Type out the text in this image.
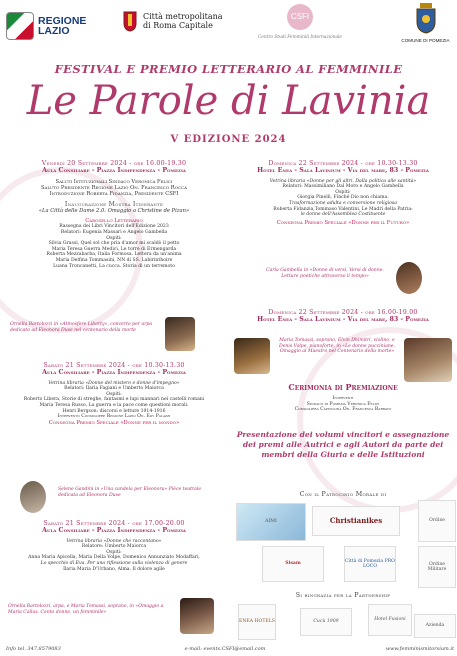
REGIONE
LAZIO
Città metropolitana
di Roma Capitale
CSFI
Centro Studi Femminili Internazionale
COMUNE DI POMEZIA
FESTIVAL E PREMIO LETTERARIO AL FEMMINILE
Le Parole di Lavinia
V EDIZIONE 2024
Venerdì 20 Settembre 2024 - ore 16.00-19.30
Aula Consiliare - Piazza Indipendenza - Pomezia
Saluti Istituzionali Sindaco Veronica Felici
Saluto Presidente Regione Lazio On. Francesco Rocca
Introduzione Roberta Fidanzia, Presidente CSFI
Inaugurazione Mostra Itinerante
«La Città delle Dame 2.0. Omaggio a Christine de Pizan»
Carosello Letterario
Rassegna dei Libri Vincitori dell'Edizione 2023
Relatori: Eugenia Massari e Angelo Gambella
Ospiti:
Silvia Grassi, Quel sol che pria d'amor mi scaldò il petto
Maria Teresa Guerra Medici, Le torre di Ermengarda
Roberta Mezzabarba, Italia Formosa. Lettera da un'anima
Maria Delfina Tommasini, NN di SS. Labirinthoire
Luana Troncanetti, La cucca. Storia di un terremoto
Ornella Bartolozzi in «Atmosfere Liberty», concerto per arpa dedicato ad Eleonora Duse nel centenario della morte
Sabato 21 Settembre 2024 - ore 10.30-13.30
Aula Consiliare - Piazza Indipendenza - Pomezia
Vetrina libraria «Donne del mistero e donne d'impegno»
Relatori: Ilaria Fagiani e Umberto Maiorca
Ospiti:
Roberto Libera, Storie di streghe, fantasmi e lupi mannari nei castelli romani
Maria Teresa Russo, La guerra e la pace come questioni morali.
Henri Bergson: discorsi e letture 1914-1916
Intervento Consigliere Regione Lazio On. Edy Palazzi
Consegna Premio Speciale «Donne per il mondo»
Selene Gandini in «Una candela per Eleonora» Pièce teatrale dedicata ad Eleonora Duse
Sabato 21 Settembre 2024 - ore 17.00-20.00
Aula Consiliare - Piazza Indipendenza - Pomezia
Vetrina libraria «Donne che raccontano»
Relatore: Umberto Maiorca
Ospiti:
Anna Maria Apicella, Maria Della Volpe, Domenico Annunziato Modaffari,
Lo specchio di Eva. Per una riflessione sulla violenza di genere
Ilaria Maria D'Urbano, Alma. Il dolore agile
Ornella Bartolozzi, arpa, e Maria Tomassi, soprano, in «Omaggio a Maria Callas. Cento donne, un femminile»
Domenica 22 Settembre 2024 - ore 10.30-13.30
Hotel Enea - Sala Lavinium - Via del mare, 83 - Pomezia
Vetrina libraria «Donne per gli altri. Dalla politica alle santità»
Relatori: Massimiliano Dal Moro e Angelo Gambella
Ospiti:
Giorgia Pinelli, Finché Dio non chiama.
Trasformazione adulta e conversione religiosa
Roberta Fidanzia,Tommaso Valentini, Le Madri della Patria:
le donne dell'Assemblea Costituente
Consegna Premio Speciale «Donne per il Futuro»
Carla Gambella in «Donne di versi, Versi di donne. Letture poetiche attraverso il tempo»
Domenica 22 Settembre 2024 - ore 16.00-19.00
Hotel Enea - Sala Lavinium - Via del mare, 83 - Pomezia
Maria Tomassi, soprano, Elvin Dhimitri, violino, e Denis Volpe, pianoforte, in «Le donne pucciniane. Omaggio al Maestro nel Centenario della morte»
Cerimonia di Premiazione
Interventi
Sindaco di Pomezia Veronica Felici
Consigliera Capitolina On. Francesca Barbato
Presentazione dei volumi vincitori e assegnazione dei premi alle Autrici e agli Autori da parte dei membri della Giuria e delle Istituzioni
Con il Patrocinio Morale di
AIMI	Christianikes	Ordine
Sisam
Città di Pomezia PRO LOCO	Ordine Militare
Si ringrazia per la Partnership
ENEA HOTELS	Cucù 1909	Hotel Fusioni
Azienda
Info tel. 347.8579083	e-mail: events.CSFI@email.com	www.femminismitorsium.it
